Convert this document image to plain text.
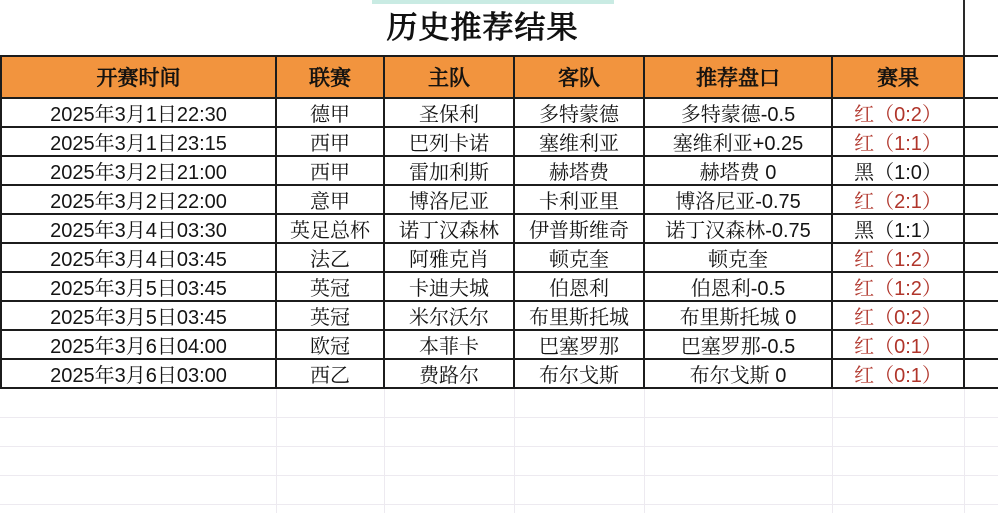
历史推荐结果
开赛时间	联赛	主队	客队	推荐盘口	赛果
2025年3月1日22:30	德甲	圣保利	多特蒙德	多特蒙德-0.5	红（0:2）
2025年3月1日23:15	西甲	巴列卡诺	塞维利亚	塞维利亚+0.25	红（1:1）
2025年3月2日21:00	西甲	雷加利斯	赫塔费	赫塔费 0	黑（1:0）
2025年3月2日22:00	意甲	博洛尼亚	卡利亚里	博洛尼亚-0.75	红（2:1）
2025年3月4日03:30	英足总杯	诺丁汉森林	伊普斯维奇	诺丁汉森林-0.75	黑（1:1）
2025年3月4日03:45	法乙	阿雅克肖	顿克奎	顿克奎	红（1:2）
2025年3月5日03:45	英冠	卡迪夫城	伯恩利	伯恩利-0.5	红（1:2）
2025年3月5日03:45	英冠	米尔沃尔	布里斯托城	布里斯托城 0	红（0:2）
2025年3月6日04:00	欧冠	本菲卡	巴塞罗那	巴塞罗那-0.5	红（0:1）
2025年3月6日03:00	西乙	费路尔	布尔戈斯	布尔戈斯 0	红（0:1）
